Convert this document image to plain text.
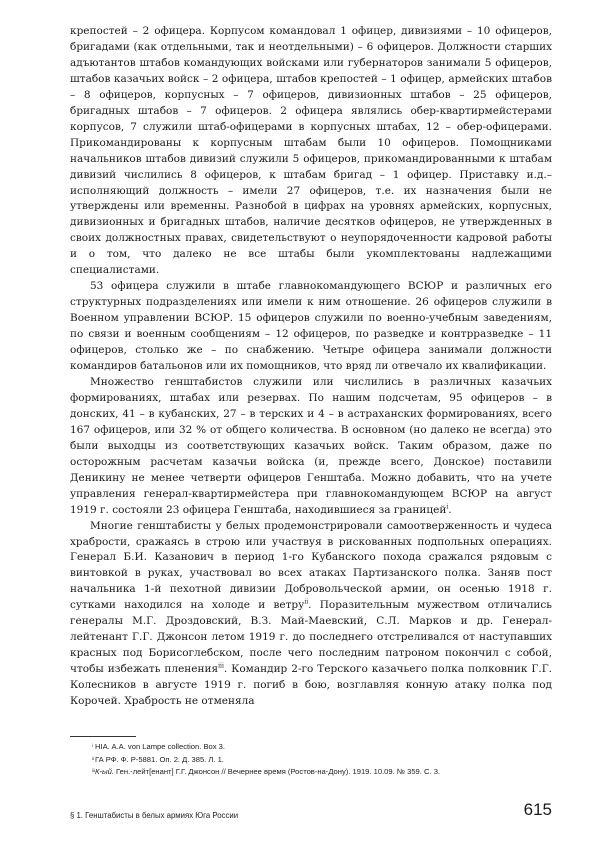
крепостей – 2 офицера. Корпусом командовал 1 офицер, дивизиями – 10 офицеров, бригадами (как отдельными, так и неотдельными) – 6 офицеров. Должности старших адъютантов штабов командующих войсками или губернаторов занимали 5 офицеров, штабов казачьих войск – 2 офицера, штабов крепостей – 1 офицер, армейских штабов – 8 офицеров, корпусных – 7 офицеров, дивизионных штабов – 25 офицеров, бригадных штабов – 7 офицеров. 2 офицера являлись обер-квартирмейстерами корпусов, 7 служили штаб-офицерами в корпусных штабах, 12 – обер-офицерами. Прикомандированы к корпусным штабам были 10 офицеров. Помощниками начальников штабов дивизий служили 5 офицеров, прикомандированными к штабам дивизий числились 8 офицеров, к штабам бригад – 1 офицер. Приставку и.д.– исполняющий должность – имели 27 офицеров, т.е. их назначения были не утверждены или временны. Разнобой в цифрах на уровнях армейских, корпусных, дивизионных и бригадных штабов, наличие десятков офицеров, не утвержденных в своих должностных правах, свидетельствуют о неупорядоченности кадровой работы и о том, что далеко не все штабы были укомплектованы надлежащими специалистами.

53 офицера служили в штабе главнокомандующего ВСЮР и различных его структурных подразделениях или имели к ним отношение. 26 офицеров служили в Военном управлении ВСЮР. 15 офицеров служили по военно-учебным заведениям, по связи и военным сообщениям – 12 офицеров, по разведке и контрразведке – 11 офицеров, столько же – по снабжению. Четыре офицера занимали должности командиров батальонов или их помощников, что вряд ли отвечало их квалификации.

Множество генштабистов служили или числились в различных казачьих формированиях, штабах или резервах. По нашим подсчетам, 95 офицеров – в донских, 41 – в кубанских, 27 – в терских и 4 – в астраханских формированиях, всего 167 офицеров, или 32 % от общего количества. В основном (но далеко не всегда) это были выходцы из соответствующих казачьих войск. Таким образом, даже по осторожным расчетам казачьи войска (и, прежде всего, Донское) поставили Деникину не менее четверти офицеров Генштаба. Можно добавить, что на учете управления генерал-квартирмейстера при главнокомандующем ВСЮР на август 1919 г. состояли 23 офицера Генштаба, находившиеся за границей$^i$.

Многие генштабисты у белых продемонстрировали самоотверженность и чудеса храбрости, сражаясь в строю или участвуя в рискованных подпольных операциях. Генерал Б.И. Казанович в период 1-го Кубанского похода сражался рядовым с винтовкой в руках, участвовал во всех атаках Партизанского полка. Заняв пост начальника 1-й пехотной дивизии Добровольческой армии, он осенью 1918 г. сутками находился на холоде и ветру$^{ii}$. Поразительным мужеством отличались генералы М.Г. Дроздовский, В.З. Май-Маевский, С.Л. Марков и др. Генерал-лейтенант Г.Г. Джонсон летом 1919 г. до последнего отстреливался от наступавших красных под Борисоглебском, после чего последним патроном покончил с собой, чтобы избежать пленения$^{iii}$. Командир 2-го Терского казачьего полка полковник Г.Г. Колесников в августе 1919 г. погиб в бою, возглавляя конную атаку полка под Корочей. Храбрость не отменяла

i HIA. A.A. von Lampe collection. Box 3.
ii ГА РФ. Ф. Р-5881. Оп. 2. Д. 385. Л. 1.
iii К-ый. Ген.-лейт[енант] Г.Г. Джонсон // Вечернее время (Ростов-на-Дону). 1919. 10.09. № 359. С. 3.
§ 1. Генштабисты в белых армиях Юга России	615
